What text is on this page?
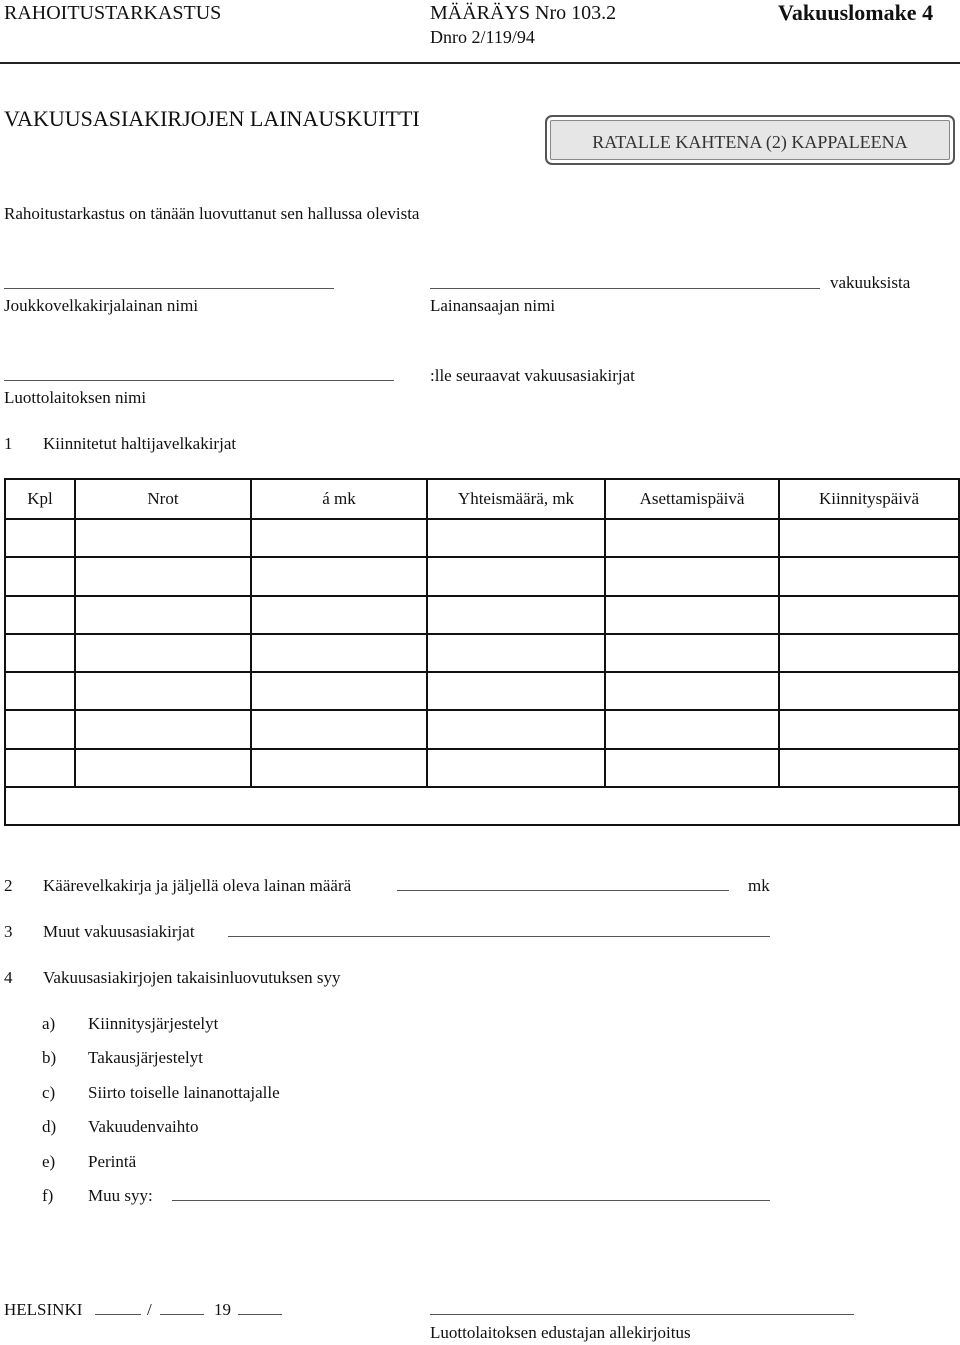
RAHOITUSTARKASTUS	MÄÄRÄYS Nro 103.2
Dnro 2/119/94
Vakuuslomake 4
VAKUUSASIAKIRJOJEN LAINAUSKUITTI
RATALLE KAHTENA (2) KAPPALEENA
Rahoitustarkastus on tänään luovuttanut sen hallussa olevista
Joukkovelkakirjalainan nimi	Lainansaajan nimi
vakuuksista
Luottolaitoksen nimi
:lle seuraavat vakuusasiakirjat
1 Kiinnitetut haltijavelkakirjat
Kpl	Nrot	á mk	Yhteismäärä, mk	Asettamispäivä	Kiinnityspäivä

2 Käärevelkakirja ja jäljellä oleva lainan määrä	mk
3 Muut vakuusasiakirjat
4 Vakuusasiakirjojen takaisinluovutuksen syy
a) Kiinnitysjärjestelyt
b) Takausjärjestelyt
c) Siirto toiselle lainanottajalle
d) Vakuudenvaihto
e) Perintä
f) Muu syy:
HELSINKI	/	19
Luottolaitoksen edustajan allekirjoitus
